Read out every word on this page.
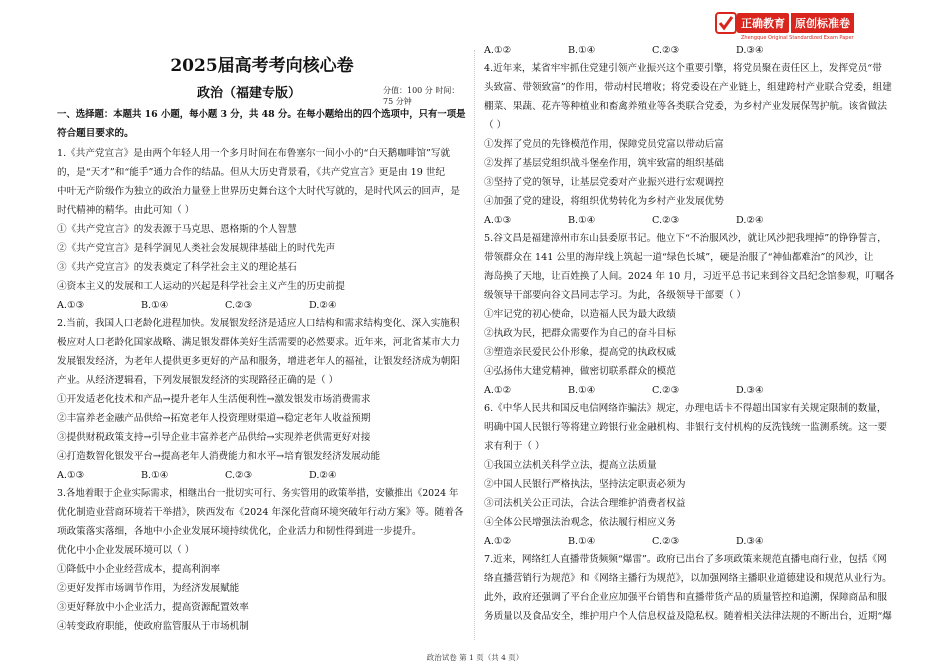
正确教育 原创标准卷
Zhengque Original Standardized Exam Paper
2025届高考考向核心卷
政治（福建专版）	分值：100 分 时间：75 分钟
一、选择题：本题共 16 小题，每小题 3 分，共 48 分。在每小题给出的四个选项中，只有一项是
符合题目要求的。
1.《共产党宣言》是由两个年轻人用一个多月时间在布鲁塞尔一间小小的“白天鹅咖啡馆”写就
的，是“天才”和“能手”通力合作的结晶。但从大历史背景看，《共产党宣言》更是由 19 世纪
中叶无产阶级作为独立的政治力量登上世界历史舞台这个大时代写就的，是时代风云的回声，是
时代精神的精华。由此可知（ ）
①《共产党宣言》的发表源于马克思、恩格斯的个人智慧
②《共产党宣言》是科学洞见人类社会发展规律基础上的时代先声
③《共产党宣言》的发表奠定了科学社会主义的理论基石
④资本主义的发展和工人运动的兴起是科学社会主义产生的历史前提
A.①③	B.①④	C.②③	D.②④
2.当前，我国人口老龄化进程加快。发展银发经济是适应人口结构和需求结构变化、深入实施积
极应对人口老龄化国家战略、满足银发群体美好生活需要的必然要求。近年来，河北省某市大力
发展银发经济，为老年人提供更多更好的产品和服务，增进老年人的福祉，让银发经济成为朝阳
产业。从经济逻辑看，下列发展银发经济的实现路径正确的是（ ）
①开发适老化技术和产品→提升老年人生活便利性→激发银发市场消费需求
②丰富养老金融产品供给→拓宽老年人投资理财渠道→稳定老年人收益预期
③提供财税政策支持→引导企业丰富养老产品供给→实现养老供需更好对接
④打造数智化银发平台→提高老年人消费能力和水平→培育银发经济发展动能
A.①③	B.①④	C.②③	D.②④
3.各地着眼于企业实际需求，相继出台一批切实可行、务实管用的政策举措，安徽推出《2024 年
优化制造业营商环境若干举措》，陕西发布《2024 年深化营商环境突破年行动方案》等。随着各
项政策落实落细，各地中小企业发展环境持续优化，企业活力和韧性得到进一步提升。
优化中小企业发展环境可以（ ）
①降低中小企业经营成本，提高利润率
②更好发挥市场调节作用，为经济发展赋能
③更好释放中小企业活力，提高资源配置效率
④转变政府职能，使政府监管服从于市场机制
A.①②	B.①④	C.②③	D.③④
4.近年来，某省牢牢抓住党建引领产业振兴这个重要引擎，将党员聚在责任区上，发挥党员“带
头致富、带领致富”的作用，带动村民增收；将党委设在产业链上，组建跨村产业联合党委，组建
棚菜、果蔬、花卉等种植业和畜禽养殖业等各类联合党委，为乡村产业发展保驾护航。该省做法
（ ）
①发挥了党员的先锋模范作用，保障党员党富以带动后富
②发挥了基层党组织战斗堡垒作用，筑牢致富的组织基础
③坚持了党的领导，让基层党委对产业振兴进行宏观调控
④加强了党的建设，将组织优势转化为乡村产业发展优势
A.①③	B.①④	C.②③	D.②④
5.谷文昌是福建漳州市东山县委原书记。他立下“不治服风沙，就让风沙把我埋掉”的铮铮誓言，
带领群众在 141 公里的海岸线上筑起一道“绿色长城”，硬是治服了“神仙都难治”的风沙，让
海岛换了天地，让百姓换了人间。2024 年 10 月，习近平总书记来到谷文昌纪念馆参观，叮嘱各
级领导干部要向谷文昌同志学习。为此，各级领导干部要（ ）
①牢记党的初心使命，以造福人民为最大政绩
②执政为民，把群众需要作为自己的奋斗目标
③塑造亲民爱民公仆形象，提高党的执政权威
④弘扬伟大建党精神，做密切联系群众的模范
A.①②	B.①④	C.②③	D.③④
6.《中华人民共和国反电信网络诈骗法》规定，办理电话卡不得超出国家有关规定限制的数量，
明确中国人民银行等将建立跨银行业金融机构、非银行支付机构的反洗钱统一监测系统。这一要
求有利于（ ）
①我国立法机关科学立法，提高立法质量
②中国人民银行严格执法，坚持法定职责必须为
③司法机关公正司法，合法合理维护消费者权益
④全体公民增强法治观念，依法履行相应义务
A.①②	B.①④	C.②③	D.③④
7.近来，网络红人直播带货频频“爆雷”。政府已出台了多项政策来规范直播电商行业，包括《网
络直播营销行为规范》和《网络主播行为规范》，以加强网络主播职业道德建设和规范从业行为。
此外，政府还强调了平台企业应加强平台销售和直播带货产品的质量管控和追溯，保障商品和服
务质量以及食品安全，维护用户个人信息权益及隐私权。随着相关法律法规的不断出台，近期“爆
政治试卷 第 1 页（共 4 页）
